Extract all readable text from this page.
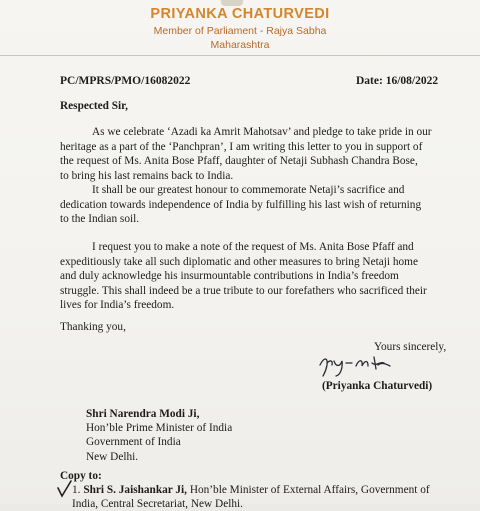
PRIYANKA CHATURVEDI
Member of Parliament - Rajya Sabha
Maharashtra
PC/MPRS/PMO/16082022	Date: 16/08/2022
Respected Sir,
As we celebrate ‘Azadi ka Amrit Mahotsav’ and pledge to take pride in our
heritage as a part of the ‘Panchpran’, I am writing this letter to you in support of
the request of Ms. Anita Bose Pfaff, daughter of Netaji Subhash Chandra Bose,
to bring his last remains back to India.
It shall be our greatest honour to commemorate Netaji’s sacrifice and
dedication towards independence of India by fulfilling his last wish of returning
to the Indian soil.
I request you to make a note of the request of Ms. Anita Bose Pfaff and
expeditiously take all such diplomatic and other measures to bring Netaji home
and duly acknowledge his insurmountable contributions in India’s freedom
struggle. This shall indeed be a true tribute to our forefathers who sacrificed their
lives for India’s freedom.
Thanking you,
Yours sincerely,
(Priyanka Chaturvedi)
Shri Narendra Modi Ji,
Hon’ble Prime Minister of India
Government of India
New Delhi.
Copy to:
1. Shri S. Jaishankar Ji, Hon’ble Minister of External Affairs, Government of
India, Central Secretariat, New Delhi.
